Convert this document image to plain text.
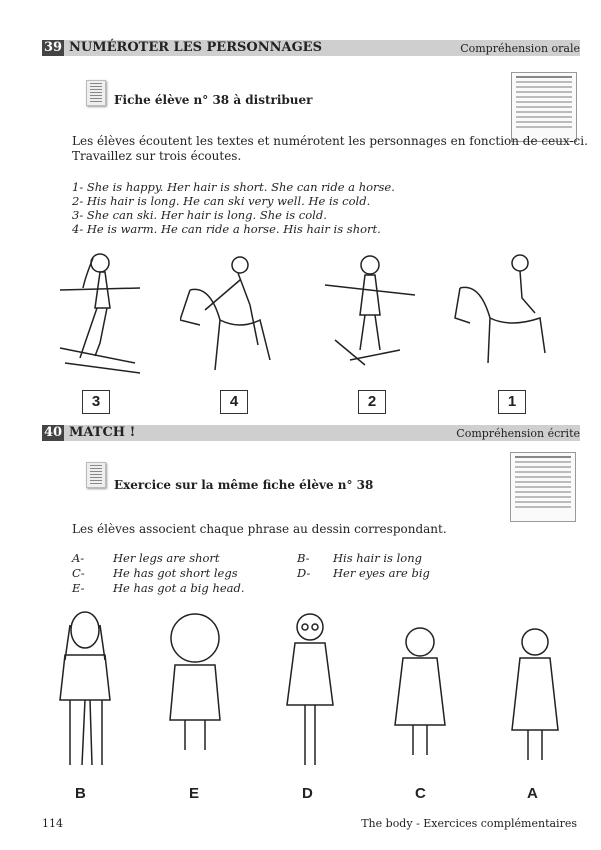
39 NUMÉROTER LES PERSONNAGES	Compréhension orale
Fiche élève n° 38 à distribuer
Les élèves écoutent les textes et numérotent les personnages en fonction de ceux-ci.
Travaillez sur trois écoutes.
1- She is happy. Her hair is short. She can ride a horse.
2- His hair is long. He can ski very well. He is cold.
3- She can ski. Her hair is long. She is cold.
4- He is warm. He can ride a horse. His hair is short.
3	4	2	1
40 MATCH !	Compréhension écrite
Exercice sur la même fiche élève n° 38
Les élèves associent chaque phrase au dessin correspondant.
A-	Her legs are short	B- His hair is long
C- He has got short legs	D- Her eyes are big
E- He has got a big head.
B	E	D	C	A
114	The body - Exercices complémentaires
